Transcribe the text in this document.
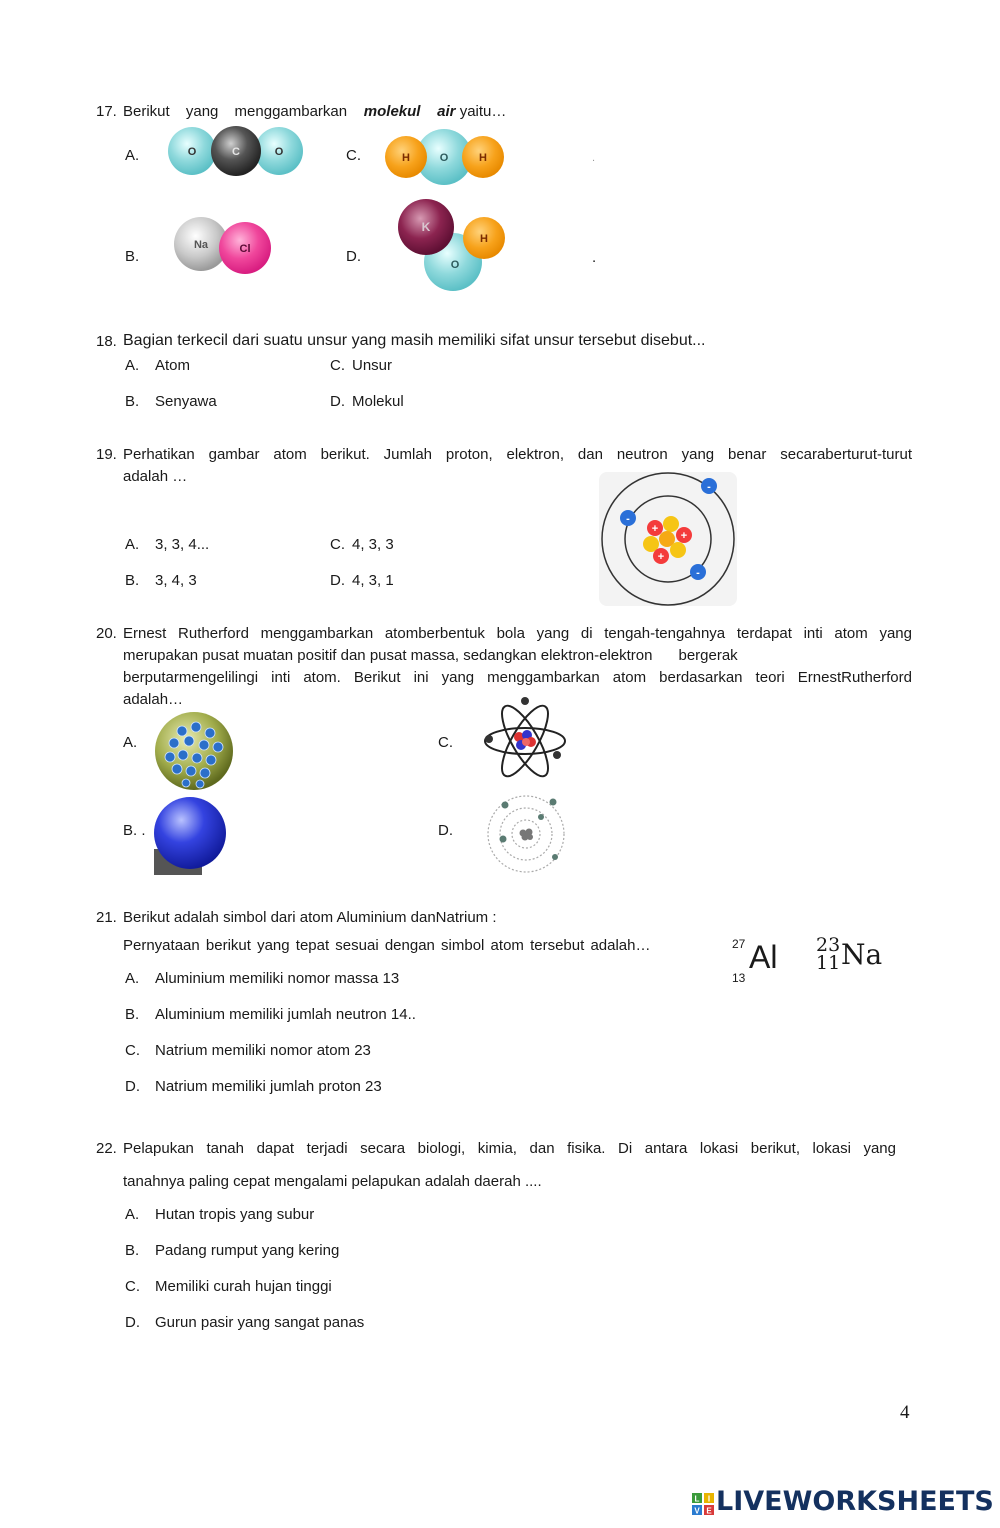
17. Berikut yang menggambarkan molekul air yaitu…
A.
B.
C.
D.
.
.
O	C	O	H	O	H
Na	Cl
K
H
O
18. Bagian terkecil dari suatu unsur yang masih memiliki sifat unsur tersebut disebut...
A. Atom
B. Senyawa
C. Unsur
D. Molekul
19. Perhatikan gambar atom berikut. Jumlah proton, elektron, dan neutron yang benar secaraberturut-turut
adalah …
A. 3, 3, 4...
B. 3, 4, 3
C. 4, 3, 3
D. 4, 3, 1
+
+
+
-
-
-
20. Ernest Rutherford menggambarkan atomberbentuk bola yang di tengah-tengahnya terdapat inti atom yang
merupakan pusat muatan positif dan pusat massa, sedangkan elektron-elektron bergerak
berputarmengelilingi inti atom. Berikut ini yang menggambarkan atom berdasarkan teori ErnestRutherford
adalah…
A.
B. .
C.
D.
21. Berikut adalah simbol dari atom Aluminium danNatrium :
Pernyataan berikut yang tepat sesuai dengan simbol atom tersebut adalah…
A. Aluminium memiliki nomor massa 13
B. Aluminium memiliki jumlah neutron 14..
C. Natrium memiliki nomor atom 23
D. Natrium memiliki jumlah proton 23
27
13
Al 23
11 Na
22. Pelapukan tanah dapat terjadi secara biologi, kimia, dan fisika. Di antara lokasi berikut, lokasi yang
tanahnya paling cepat mengalami pelapukan adalah daerah ....
A. Hutan tropis yang subur
B. Padang rumput yang kering
C. Memiliki curah hujan tinggi
D. Gurun pasir yang sangat panas
4
L I
V E LIVEWORKSHEETS
